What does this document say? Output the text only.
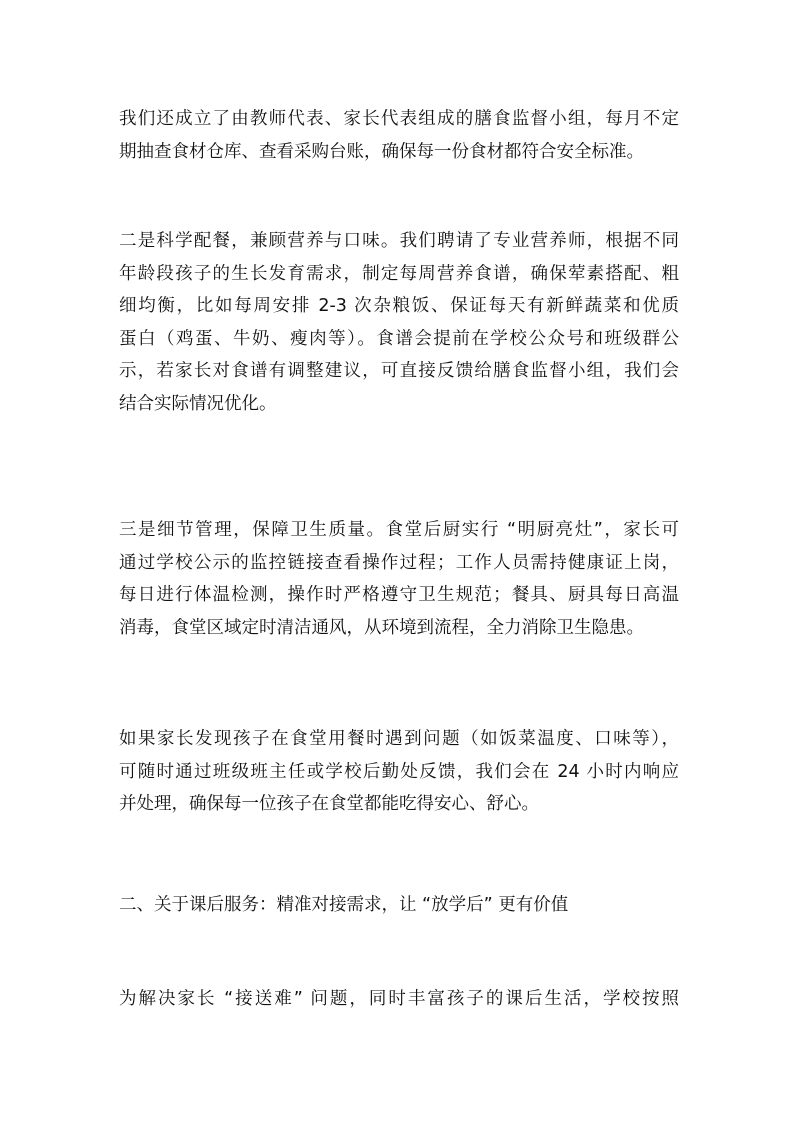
我们还成立了由教师代表、家长代表组成的膳食监督小组，每月不定
期抽查食材仓库、查看采购台账，确保每一份食材都符合安全标准。
二是科学配餐，兼顾营养与口味。我们聘请了专业营养师，根据不同
年龄段孩子的生长发育需求，制定每周营养食谱，确保荤素搭配、粗
细均衡，比如每周安排 2-3 次杂粮饭、保证每天有新鲜蔬菜和优质
蛋白（鸡蛋、牛奶、瘦肉等）。食谱会提前在学校公众号和班级群公
示，若家长对食谱有调整建议，可直接反馈给膳食监督小组，我们会
结合实际情况优化。
三是细节管理，保障卫生质量。食堂后厨实行 “明厨亮灶”，家长可
通过学校公示的监控链接查看操作过程；工作人员需持健康证上岗，
每日进行体温检测，操作时严格遵守卫生规范；餐具、厨具每日高温
消毒，食堂区域定时清洁通风，从环境到流程，全力消除卫生隐患。
如果家长发现孩子在食堂用餐时遇到问题（如饭菜温度、口味等），
可随时通过班级班主任或学校后勤处反馈，我们会在 24 小时内响应
并处理，确保每一位孩子在食堂都能吃得安心、舒心。
二、关于课后服务：精准对接需求，让 “放学后” 更有价值
为解决家长 “接送难” 问题，同时丰富孩子的课后生活，学校按照
